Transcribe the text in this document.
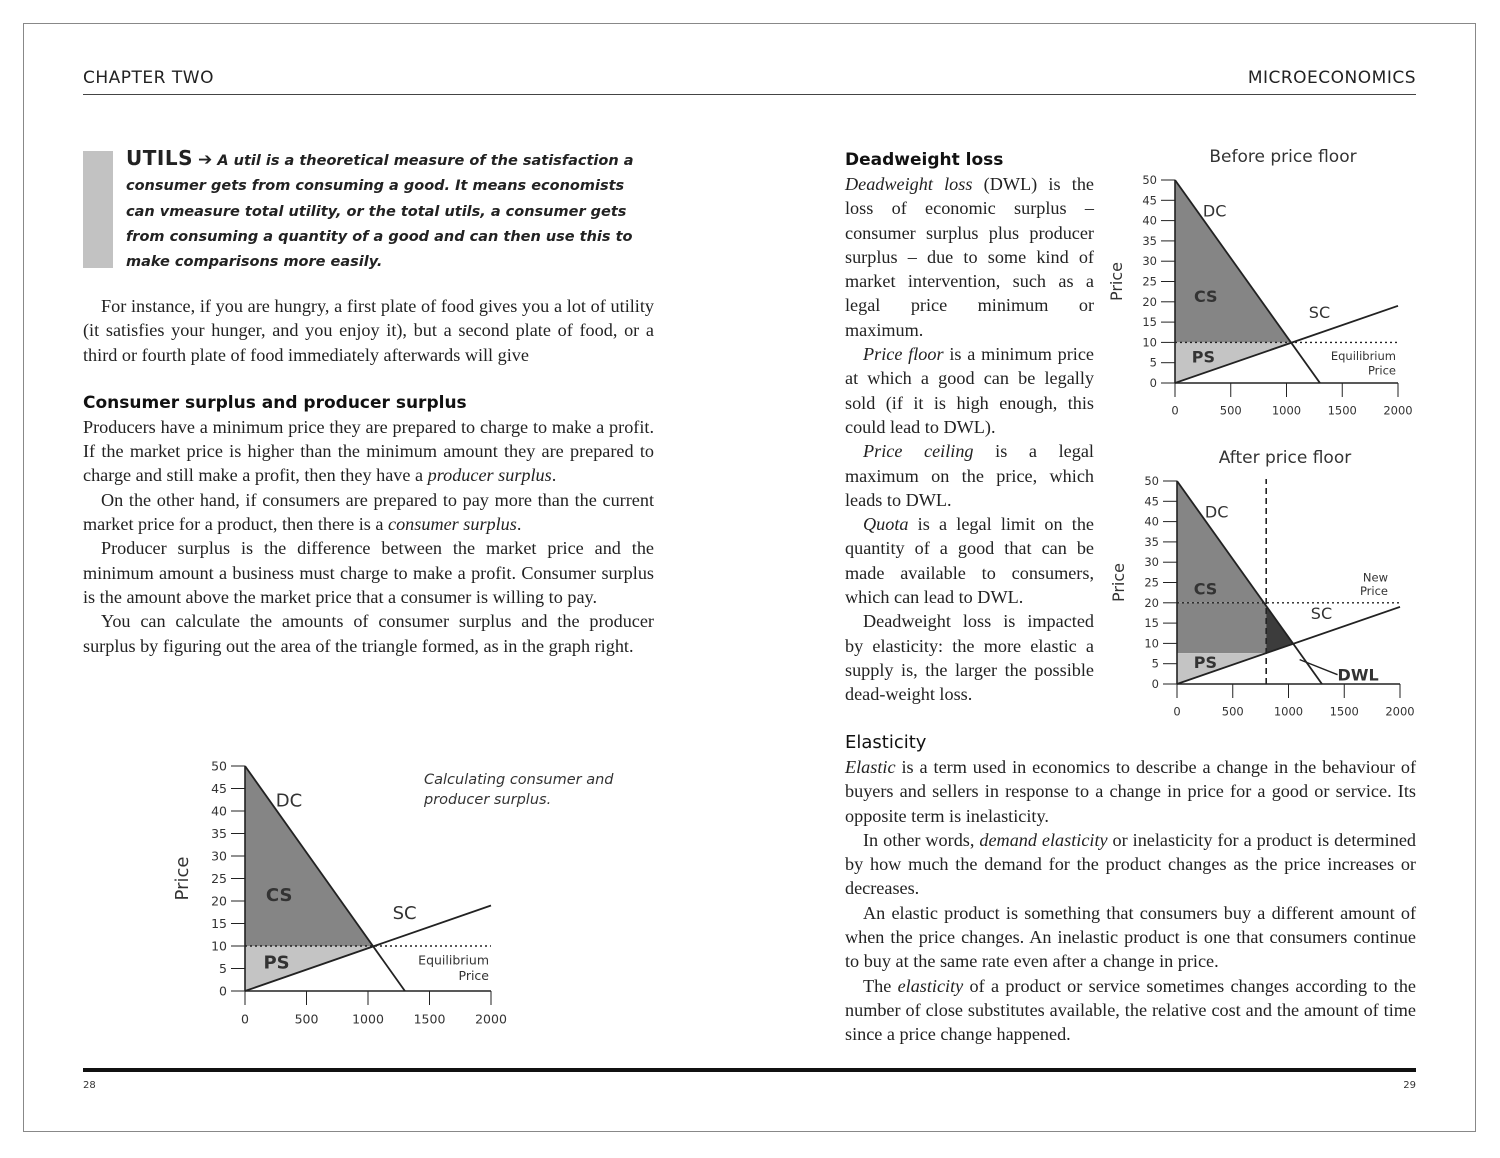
CHAPTER TWO	MICROECONOMICS
UTILS ➔ A util is a theoretical measure of the satisfaction a consumer gets from consuming a good. It means economists can vmeasure total utility, or the total utils, a consumer gets from consuming a quantity of a good and can then use this to make comparisons more easily.

For instance, if you are hungry, a first plate of food gives you a lot of utility (it satisfies your hunger, and you enjoy it), but a second plate of food, or a third or fourth plate of food immediately afterwards will give

Consumer surplus and producer surplus

Producers have a minimum price they are prepared to charge to make a profit. If the market price is higher than the minimum amount they are prepared to charge and still make a profit, then they have a producer surplus.

On the other hand, if consumers are prepared to pay more than the current market price for a product, then there is a consumer surplus.

Producer surplus is the difference between the market price and the minimum amount a business must charge to make a profit. Consumer surplus is the amount above the market price that a consumer is willing to pay.

You can calculate the amounts of consumer surplus and the producer surplus by figuring out the area of the triangle formed, as in the graph right.

Deadweight loss

Deadweight loss (DWL) is the loss of economic surplus – consumer surplus plus producer surplus – due to some kind of market intervention, such as a legal price minimum or maximum.

Price floor is a minimum price at which a good can be legally sold (if it is high enough, this could lead to DWL).

Price ceiling is a legal maximum on the price, which leads to DWL.

Quota is a legal limit on the quantity of a good that can be made available to consumers, which can lead to DWL.

Deadweight loss is impacted by elasticity: the more elastic a supply is, the larger the possible dead-weight loss.

Elasticity

Elastic is a term used in economics to describe a change in the behaviour of buyers and sellers in response to a change in price for a good or service. Its opposite term is inelasticity.

In other words, demand elasticity or inelasticity for a product is determined by how much the demand for the product changes as the price increases or decreases.

An elastic product is something that consumers buy a different amount of when the price changes. An inelastic product is one that consumers continue to buy at the same rate even after a change in price.

The elasticity of a product or service sometimes changes according to the number of close substitutes available, the relative cost and the amount of time since a price change happened.

0
5
10
15
20
25
30
35
40
45
50
0	500	1000 1500 2000
Price
DC
SC
Equilibrium
Price
CS
PS
Calculating consumer and
producer surplus.
0
5
10
15
20
25
30
35
40
45
50
0	500	1000 1500 2000
Price
DC
SC
Equilibrium
Price
CS
PS
Before price floor
0
5
10
15
20
25
30
35
40
45
50
0	500	1000 1500 2000
Price
DC
SC
New
Price
CS
PS
DWL
After price floor
28	29
